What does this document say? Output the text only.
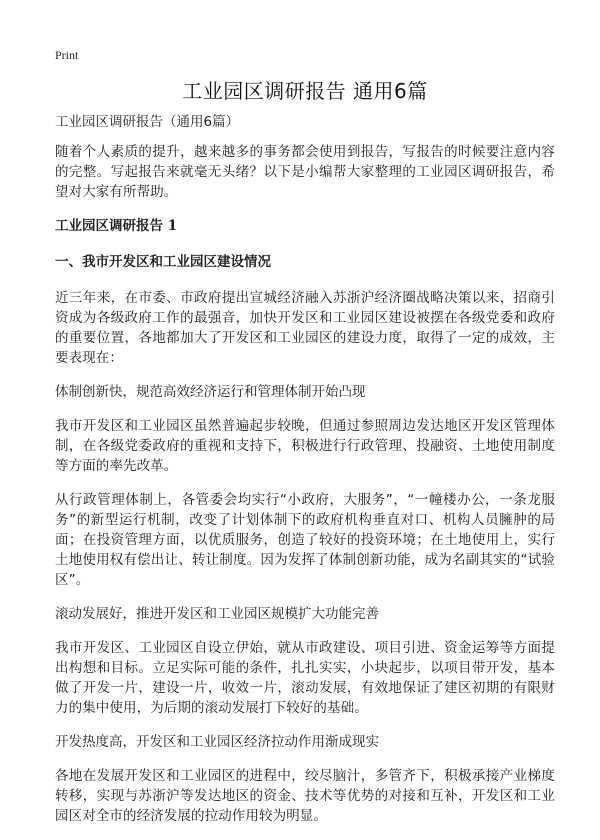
Print
工业园区调研报告 通用6篇
工业园区调研报告（通用6篇）

随着个人素质的提升，越来越多的事务都会使用到报告，写报告的时候要注意内容的完整。写起报告来就毫无头绪？以下是小编帮大家整理的工业园区调研报告，希望对大家有所帮助。

工业园区调研报告 1
一、我市开发区和工业园区建设情况

近三年来，在市委、市政府提出宣城经济融入苏浙沪经济圈战略决策以来，招商引资成为各级政府工作的最强音，加快开发区和工业园区建设被摆在各级党委和政府的重要位置，各地都加大了开发区和工业园区的建设力度，取得了一定的成效，主要表现在：

体制创新快，规范高效经济运行和管理体制开始凸现

我市开发区和工业园区虽然普遍起步较晚，但通过参照周边发达地区开发区管理体制，在各级党委政府的重视和支持下，积极进行行政管理、投融资、土地使用制度等方面的率先改革。

从行政管理体制上，各管委会均实行“小政府，大服务”，“一幢楼办公，一条龙服务”的新型运行机制，改变了计划体制下的政府机构垂直对口、机构人员臃肿的局面；在投资管理方面，以优质服务，创造了较好的投资环境；在土地使用上，实行土地使用权有偿出让、转让制度。因为发挥了体制创新功能，成为名副其实的“试验区”。

滚动发展好，推进开发区和工业园区规模扩大功能完善

我市开发区、工业园区自设立伊始，就从市政建设、项目引进、资金运筹等方面提出构想和目标。立足实际可能的条件，扎扎实实，小块起步，以项目带开发，基本做了开发一片，建设一片，收效一片，滚动发展，有效地保证了建区初期的有限财力的集中使用，为后期的滚动发展打下较好的基础。

开发热度高，开发区和工业园区经济拉动作用渐成现实

各地在发展开发区和工业园区的进程中，绞尽脑汁，多管齐下，积极承接产业梯度转移，实现与苏浙沪等发达地区的资金、技术等优势的对接和互补，开发区和工业园区对全市的经济发展的拉动作用较为明显。
